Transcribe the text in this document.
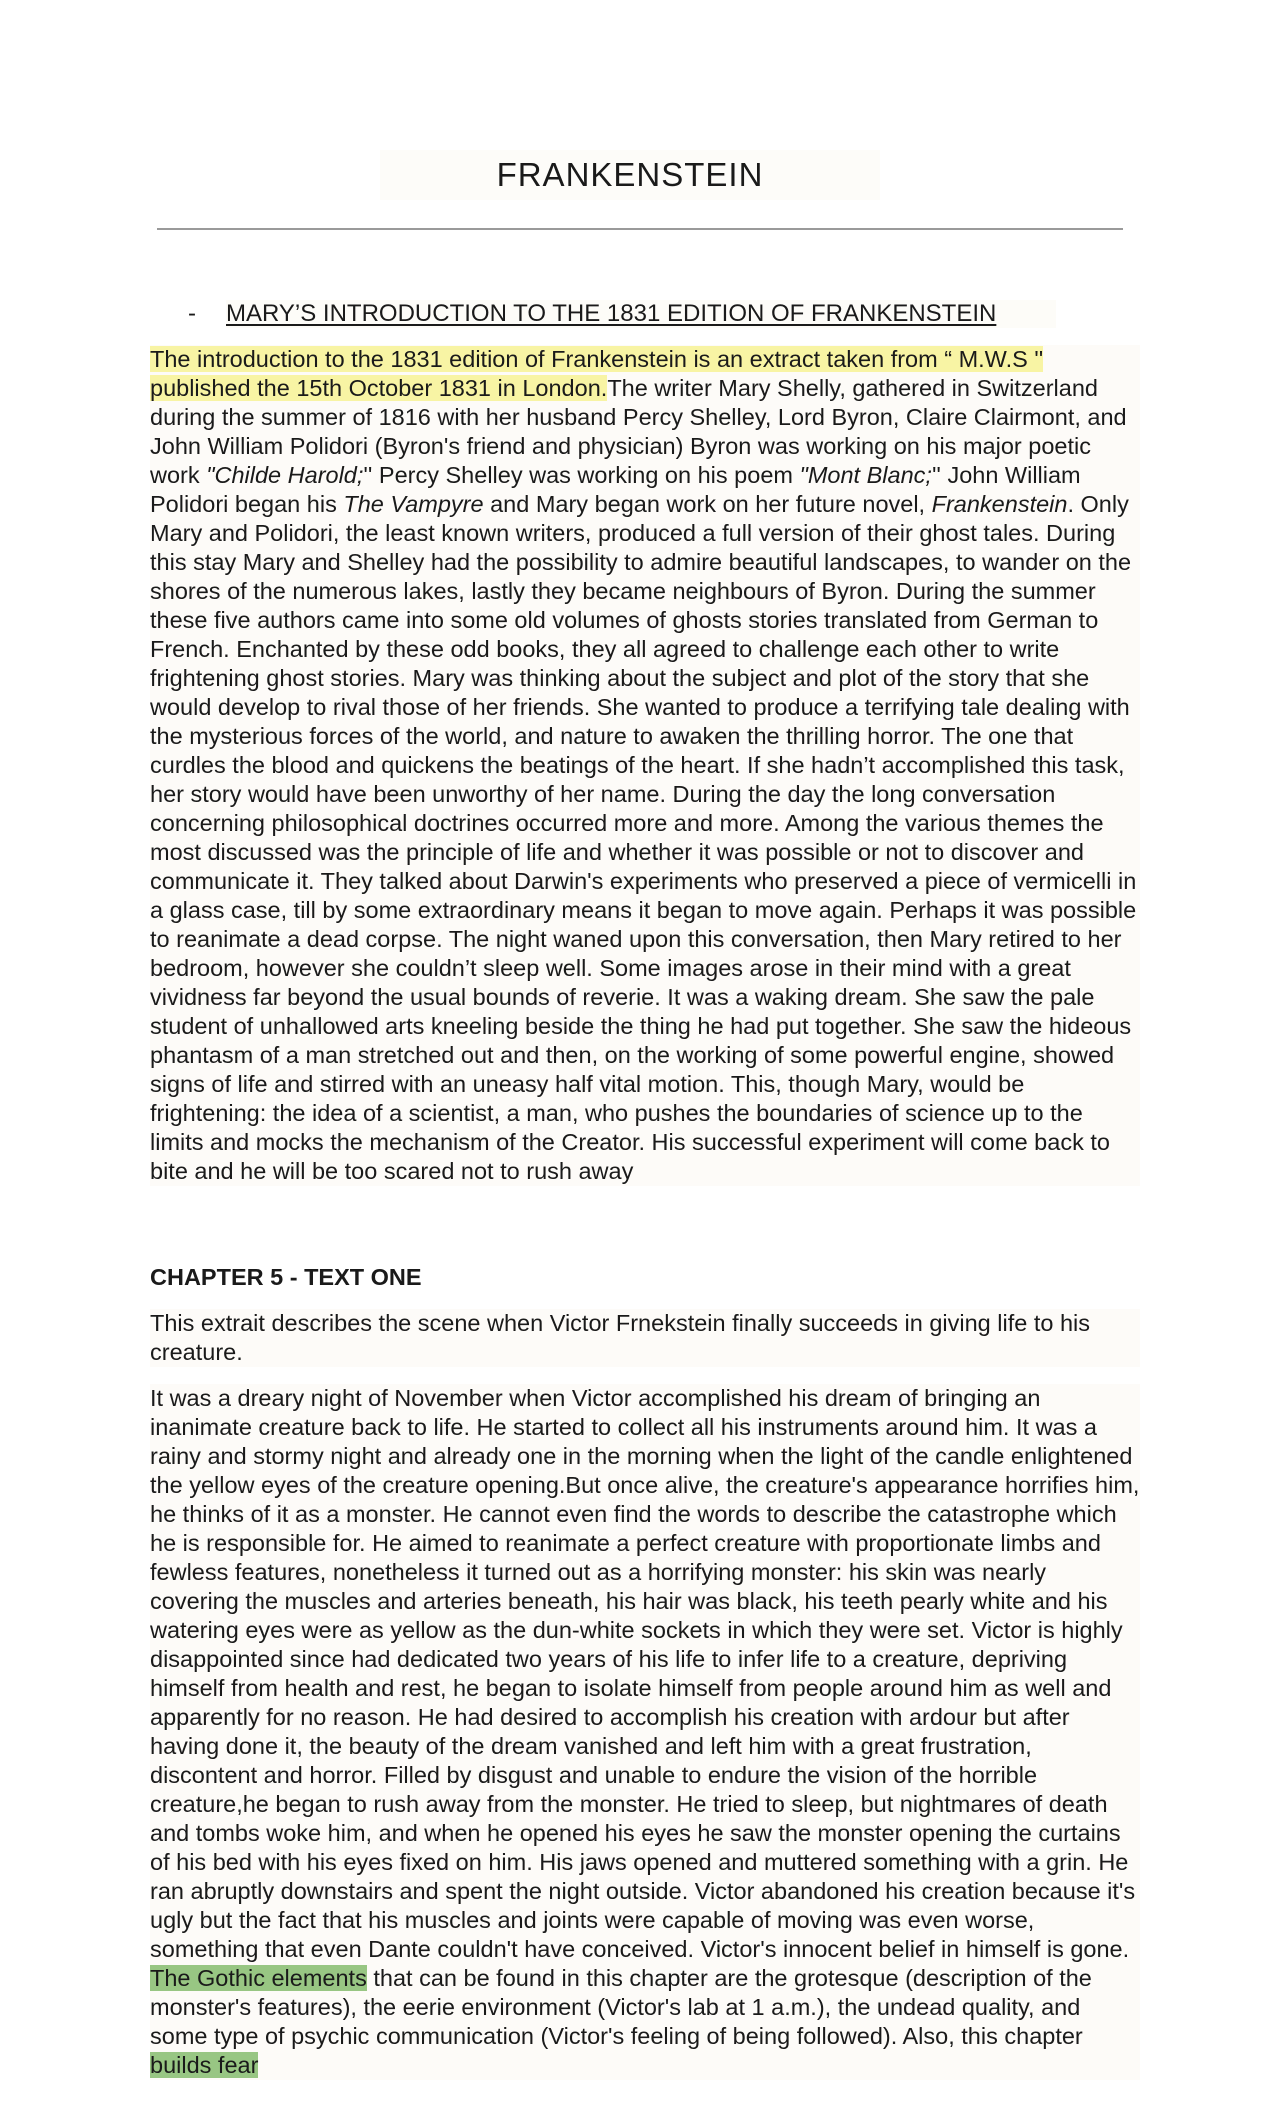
FRANKENSTEIN
- MARY’S INTRODUCTION TO THE 1831 EDITION OF FRANKENSTEIN

The introduction to the 1831 edition of Frankenstein is an extract taken from “ M.W.S '' published the 15th October 1831 in London.The writer Mary Shelly, gathered in Switzerland during the summer of 1816 with her husband Percy Shelley, Lord Byron, Claire Clairmont, and John William Polidori (Byron's friend and physician) Byron was working on his major poetic work "Childe Harold;'' Percy Shelley was working on his poem "Mont Blanc;'' John William Polidori began his The Vampyre and Mary began work on her future novel, Frankenstein. Only Mary and Polidori, the least known writers, produced a full version of their ghost tales. During this stay Mary and Shelley had the possibility to admire beautiful landscapes, to wander on the shores of the numerous lakes, lastly they became neighbours of Byron. During the summer these five authors came into some old volumes of ghosts stories translated from German to French. Enchanted by these odd books, they all agreed to challenge each other to write frightening ghost stories. Mary was thinking about the subject and plot of the story that she would develop to rival those of her friends. She wanted to produce a terrifying tale dealing with the mysterious forces of the world, and nature to awaken the thrilling horror. The one that curdles the blood and quickens the beatings of the heart. If she hadn’t accomplished this task, her story would have been unworthy of her name. During the day the long conversation concerning philosophical doctrines occurred more and more. Among the various themes the most discussed was the principle of life and whether it was possible or not to discover and communicate it. They talked about Darwin's experiments who preserved a piece of vermicelli in a glass case, till by some extraordinary means it began to move again. Perhaps it was possible to reanimate a dead corpse. The night waned upon this conversation, then Mary retired to her bedroom, however she couldn’t sleep well. Some images arose in their mind with a great vividness far beyond the usual bounds of reverie. It was a waking dream. She saw the pale student of unhallowed arts kneeling beside the thing he had put together. She saw the hideous phantasm of a man stretched out and then, on the working of some powerful engine, showed signs of life and stirred with an uneasy half vital motion. This, though Mary, would be frightening: the idea of a scientist, a man, who pushes the boundaries of science up to the limits and mocks the mechanism of the Creator. His successful experiment will come back to bite and he will be too scared not to rush away

CHAPTER 5 - TEXT ONE

This extrait describes the scene when Victor Frnekstein finally succeeds in giving life to his creature.

It was a dreary night of November when Victor accomplished his dream of bringing an inanimate creature back to life. He started to collect all his instruments around him. It was a rainy and stormy night and already one in the morning when the light of the candle enlightened the yellow eyes of the creature opening.But once alive, the creature's appearance horrifies him, he thinks of it as a monster. He cannot even find the words to describe the catastrophe which he is responsible for. He aimed to reanimate a perfect creature with proportionate limbs and fewless features, nonetheless it turned out as a horrifying monster: his skin was nearly covering the muscles and arteries beneath, his hair was black, his teeth pearly white and his watering eyes were as yellow as the dun-white sockets in which they were set. Victor is highly disappointed since had dedicated two years of his life to infer life to a creature, depriving himself from health and rest, he began to isolate himself from people around him as well and apparently for no reason. He had desired to accomplish his creation with ardour but after having done it, the beauty of the dream vanished and left him with a great frustration, discontent and horror. Filled by disgust and unable to endure the vision of the horrible creature,he began to rush away from the monster. He tried to sleep, but nightmares of death and tombs woke him, and when he opened his eyes he saw the monster opening the curtains of his bed with his eyes fixed on him. His jaws opened and muttered something with a grin. He ran abruptly downstairs and spent the night outside. Victor abandoned his creation because it's ugly but the fact that his muscles and joints were capable of moving was even worse, something that even Dante couldn't have conceived. Victor's innocent belief in himself is gone. The Gothic elements that can be found in this chapter are the grotesque (description of the monster's features), the eerie environment (Victor's lab at 1 a.m.), the undead quality, and some type of psychic communication (Victor's feeling of being followed). Also, this chapter builds fear
